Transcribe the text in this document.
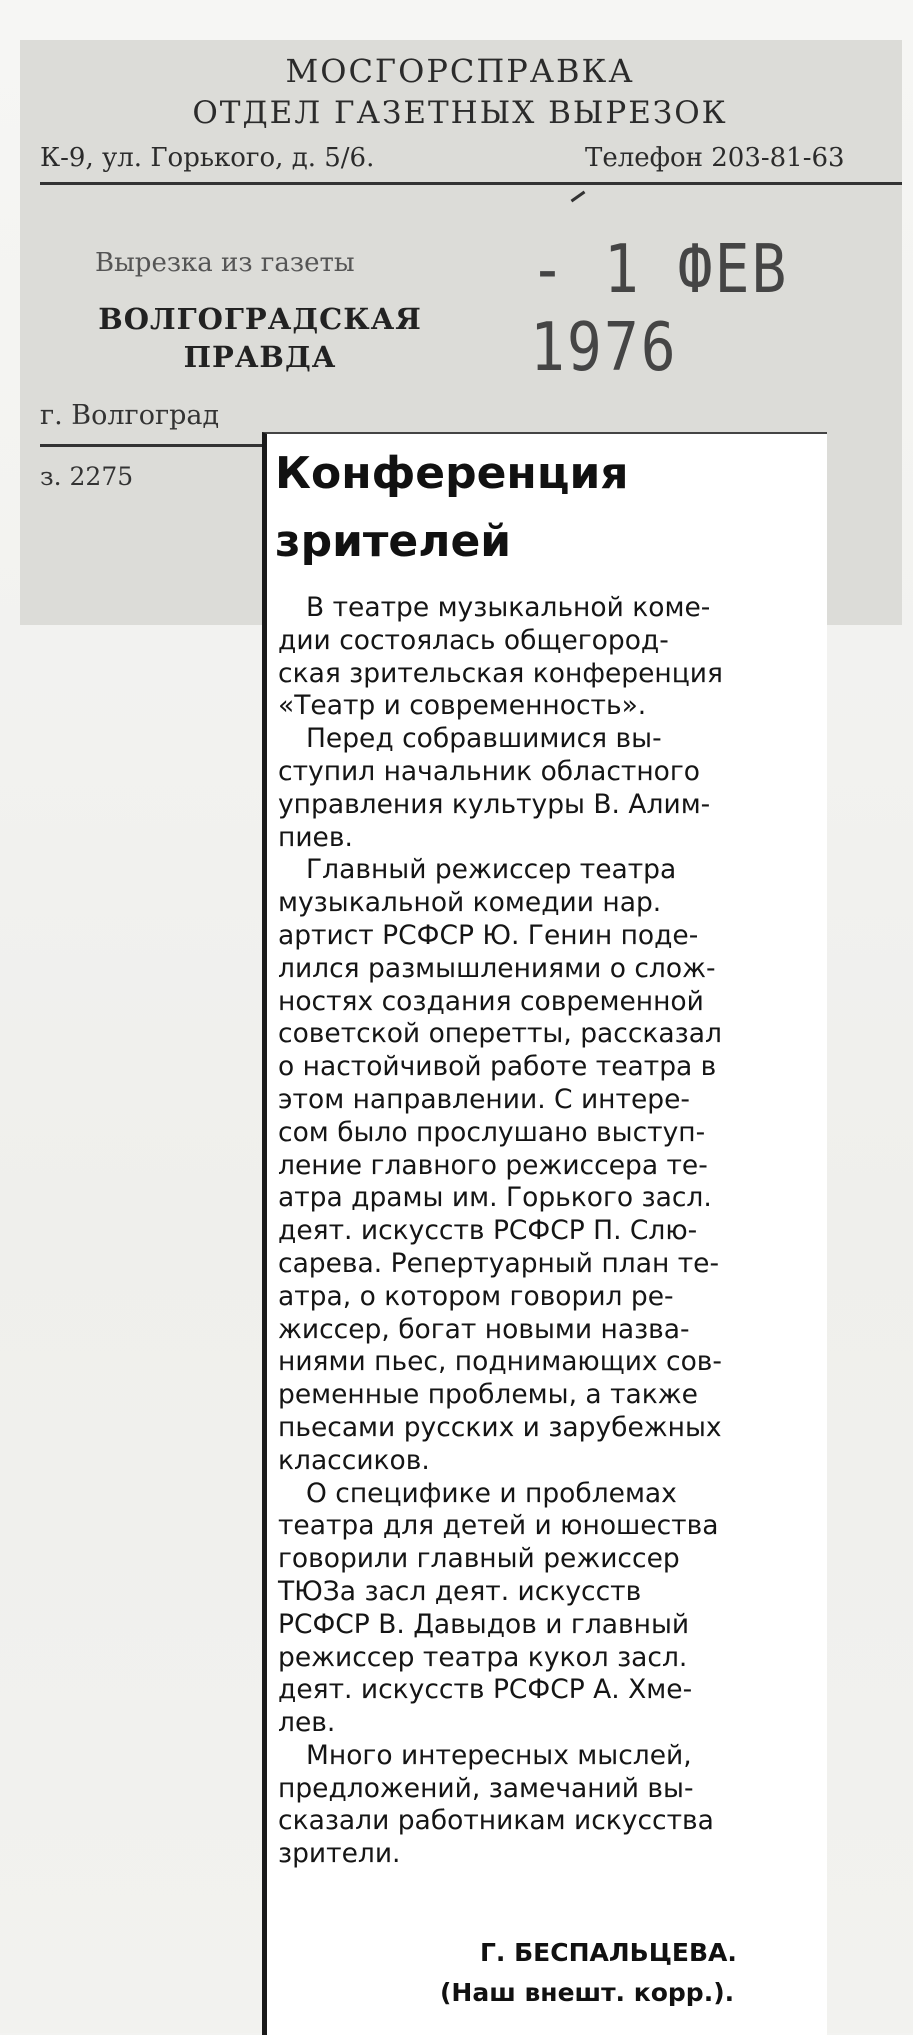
МОСГОРСПРАВКА
ОТДЕЛ ГАЗЕТНЫХ ВЫРЕЗОК
К-9, ул. Горького, д. 5/6.	Телефон 203-81-63
Вырезка из газеты
ВОЛГОГРАДСКАЯ ПРАВДА
г. Волгоград
з. 2275
- 1 ФЕВ 1976
Конференция зрителей

В театре музыкальной коме-
дии состоялась общегород-
ская зрительская конференция
«Театр и современность».

Перед собравшимися вы-
ступил начальник областного
управления культуры В. Алим-
пиев.

Главный режиссер театра
музыкальной комедии нар.
артист РСФСР Ю. Генин поде-
лился размышлениями о слож-
ностях создания современной
советской оперетты, рассказал
о настойчивой работе театра в
этом направлении. С интере-
сом было прослушано выступ-
ление главного режиссера те-
атра драмы им. Горького засл.
деят. искусств РСФСР П. Слю-
сарева. Репертуарный план те-
атра, о котором говорил ре-
жиссер, богат новыми назва-
ниями пьес, поднимающих сов-
ременные проблемы, а также
пьесами русских и зарубежных
классиков.

О специфике и проблемах
театра для детей и юношества
говорили главный режиссер
ТЮЗа засл деят. искусств
РСФСР В. Давыдов и главный
режиссер театра кукол засл.
деят. искусств РСФСР А. Хме-
лев.

Много интересных мыслей,
предложений, замечаний вы-
сказали работникам искусства
зрители.

Г. БЕСПАЛЬЦЕВА.
(Наш внешт. корр.).
